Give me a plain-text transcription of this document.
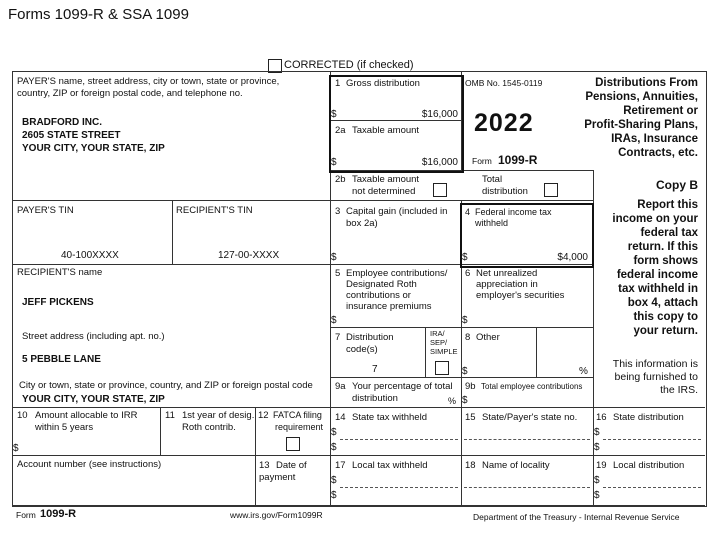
Forms 1099-R & SSA 1099
CORRECTED (if checked)
PAYER'S name, street address, city or town, state or province,
country, ZIP or foreign postal code, and telephone no.
BRADFORD INC.
2605 STATE STREET
YOUR CITY, YOUR STATE, ZIP
1 Gross distribution
$	$16,000
2a Taxable amount
$	$16,000
OMB No. 1545-0119
2022
Form 1099-R
Distributions From
Pensions, Annuities,
Retirement or
Profit-Sharing Plans,
IRAs, Insurance
Contracts, etc.
2b Taxable amount
not determined
Total
distribution	Copy B
Report this
income on your
federal tax
return. If this
form shows
federal income
tax withheld in
box 4, attach
this copy to
your return.
This information is
being furnished to
the IRS.
PAYER'S TIN
40-100XXXX
RECIPIENT'S TIN
127-00-XXXX
3 Capital gain (included in
box 2a)
$
4 Federal income tax
withheld
$	$4,000
RECIPIENT'S name
JEFF PICKENS
Street address (including apt. no.)
5 PEBBLE LANE
City or town, state or province, country, and ZIP or foreign postal code
YOUR CITY, YOUR STATE, ZIP
5 Employee contributions/
Designated Roth
contributions or
insurance premiums
$
6 Net unrealized
appreciation in
employer's securities
$
7 Distribution
code(s)
7
IRA/
SEP/
SIMPLE
8 Other
$	%
9a Your percentage of total
distribution	%
9b Total employee contributions
$
10 Amount allocable to IRR
within 5 years
$
11 1st year of desig.
Roth contrib.
12 FATCA filing
requirement
14 State tax withheld
$
$
15 State/Payer's state no. 16 State distribution
$
$
Account number (see instructions)	13 Date of
payment
17 Local tax withheld
$
$
18 Name of locality	19 Local distribution
$
$
Form 1099-R	www.irs.gov/Form1099R	Department of the Treasury - Internal Revenue Service
